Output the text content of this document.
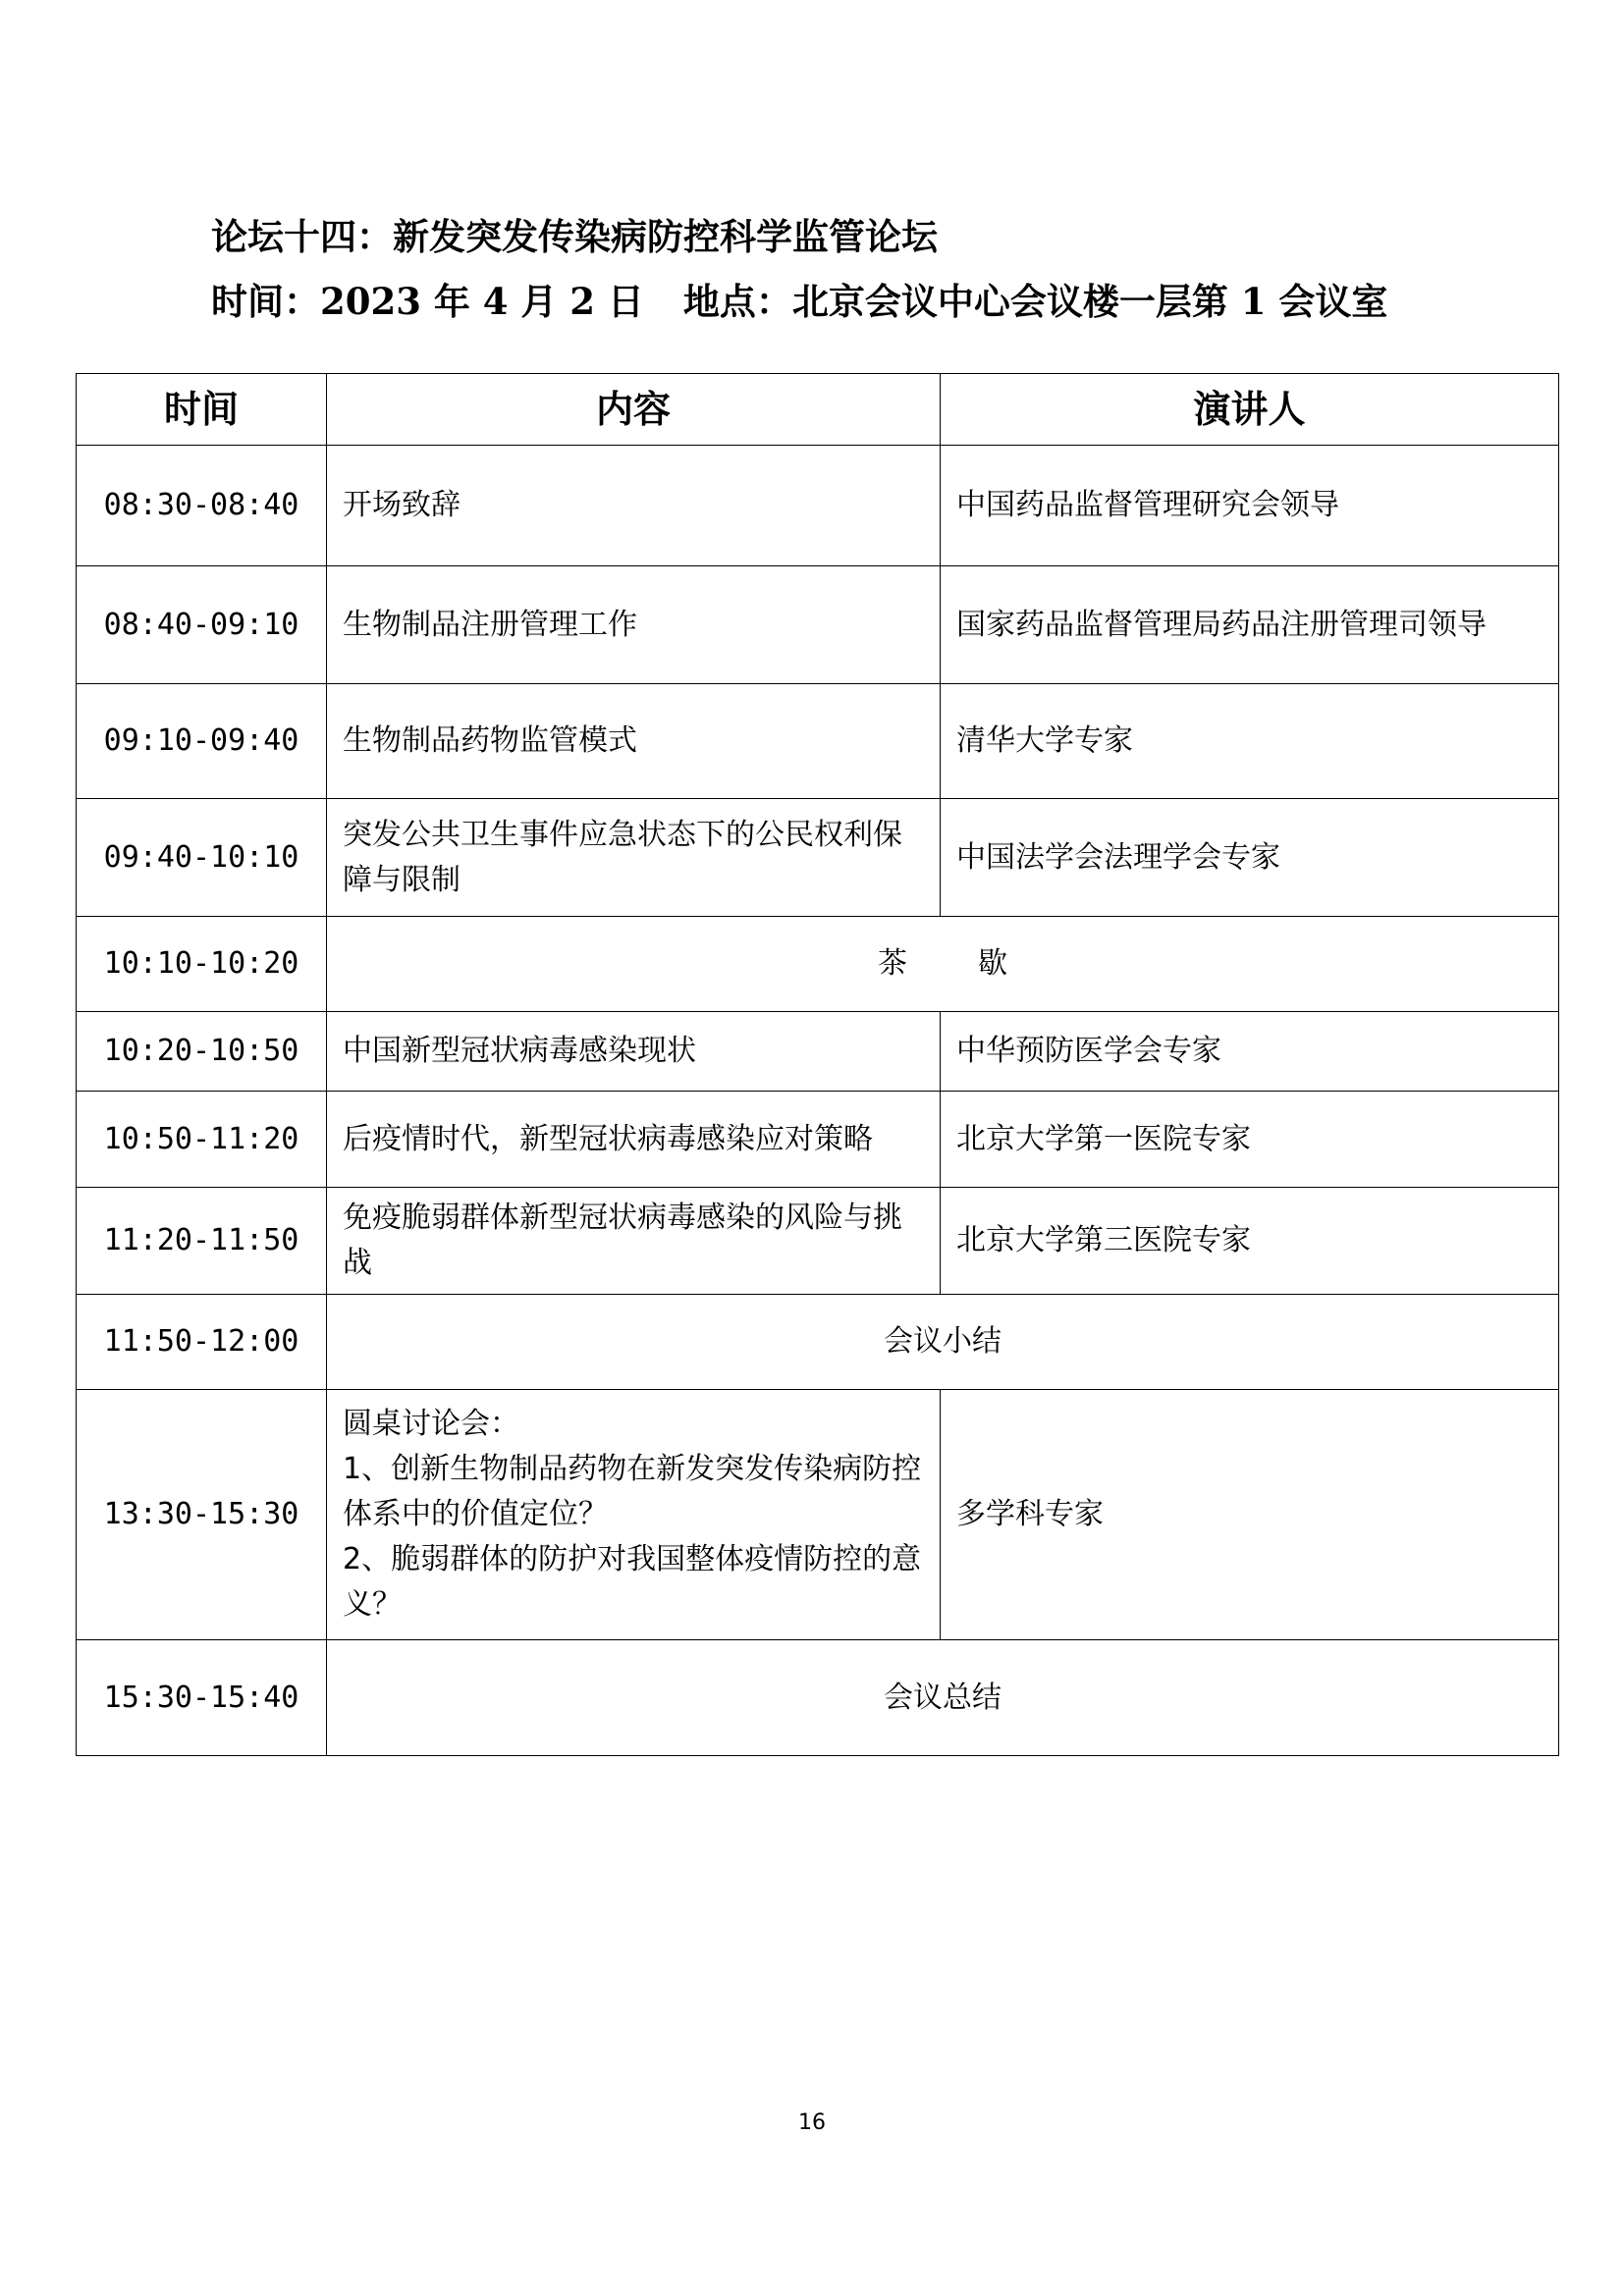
论坛十四：新发突发传染病防控科学监管论坛
时间：2023 年 4 月 2 日 地点：北京会议中心会议楼一层第 1 会议室
时间	内容	演讲人
08:30-08:40	开场致辞	中国药品监督管理研究会领导
08:40-09:10	生物制品注册管理工作	国家药品监督管理局药品注册管理司领导
09:10-09:40	生物制品药物监管模式	清华大学专家
09:40-10:10	突发公共卫生事件应急状态下的公民权利保障与限制	中国法学会法理学会专家
10:10-10:20	茶歇	
10:20-10:50	中国新型冠状病毒感染现状	中华预防医学会专家
10:50-11:20	后疫情时代，新型冠状病毒感染应对策略	北京大学第一医院专家
11:20-11:50	免疫脆弱群体新型冠状病毒感染的风险与挑战	北京大学第三医院专家
11:50-12:00	会议小结	
13:30-15:30	圆桌讨论会：
1、创新生物制品药物在新发突发传染病防控体系中的价值定位？
2、脆弱群体的防护对我国整体疫情防控的意义？	多学科专家
15:30-15:40	会议总结	
16
